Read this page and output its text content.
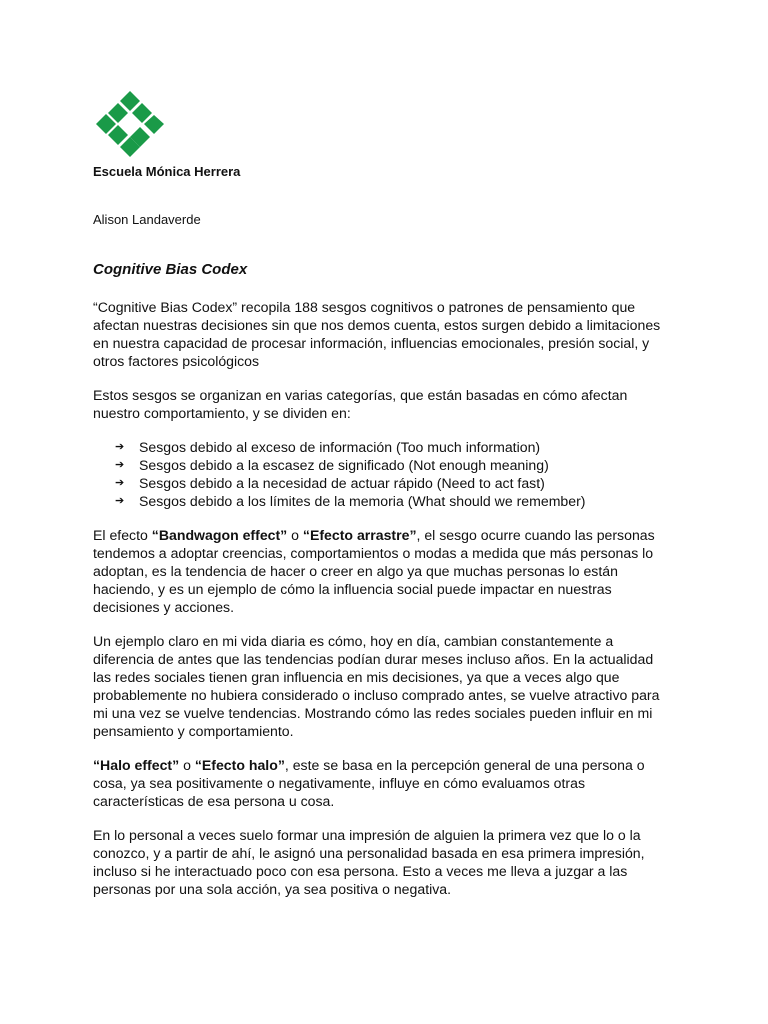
Escuela Mónica Herrera
Alison Landaverde
Cognitive Bias Codex

“Cognitive Bias Codex” recopila 188 sesgos cognitivos o patrones de pensamiento que afectan nuestras decisiones sin que nos demos cuenta, estos surgen debido a limitaciones en nuestra capacidad de procesar información, influencias emocionales, presión social, y otros factores psicológicos

Estos sesgos se organizan en varias categorías, que están basadas en cómo afectan nuestro comportamiento, y se dividen en:

➔ Sesgos debido al exceso de información (Too much information)
➔ Sesgos debido a la escasez de significado (Not enough meaning)
➔ Sesgos debido a la necesidad de actuar rápido (Need to act fast)
➔ Sesgos debido a los límites de la memoria (What should we remember)

El efecto “Bandwagon effect” o “Efecto arrastre”, el sesgo ocurre cuando las personas tendemos a adoptar creencias, comportamientos o modas a medida que más personas lo adoptan, es la tendencia de hacer o creer en algo ya que muchas personas lo están haciendo, y es un ejemplo de cómo la influencia social puede impactar en nuestras decisiones y acciones.

Un ejemplo claro en mi vida diaria es cómo, hoy en día, cambian constantemente a diferencia de antes que las tendencias podían durar meses incluso años. En la actualidad las redes sociales tienen gran influencia en mis decisiones, ya que a veces algo que probablemente no hubiera considerado o incluso comprado antes, se vuelve atractivo para mi una vez se vuelve tendencias. Mostrando cómo las redes sociales pueden influir en mi pensamiento y comportamiento.

“Halo effect” o “Efecto halo”, este se basa en la percepción general de una persona o cosa, ya sea positivamente o negativamente, influye en cómo evaluamos otras características de esa persona u cosa.

En lo personal a veces suelo formar una impresión de alguien la primera vez que lo o la conozco, y a partir de ahí, le asignó una personalidad basada en esa primera impresión, incluso si he interactuado poco con esa persona. Esto a veces me lleva a juzgar a las personas por una sola acción, ya sea positiva o negativa.
